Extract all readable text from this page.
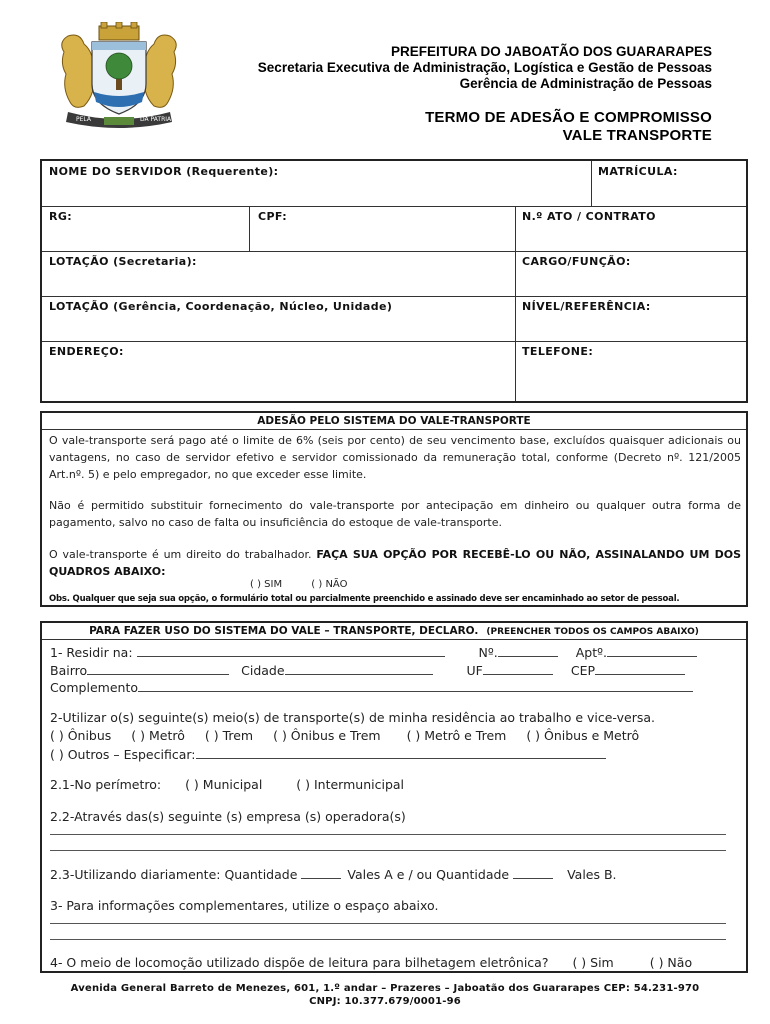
PELA	DA PATRIA
PREFEITURA DO JABOATÃO DOS GUARARAPES
Secretaria Executiva de Administração, Logística e Gestão de Pessoas
Gerência de Administração de Pessoas
TERMO DE ADESÃO E COMPROMISSO
VALE TRANSPORTE
NOME DO SERVIDOR (Requerente):	MATRÍCULA:
RG:	CPF:	N.º ATO / CONTRATO
LOTAÇÃO (Secretaria):	CARGO/FUNÇÃO:
LOTAÇÃO (Gerência, Coordenação, Núcleo, Unidade)	NÍVEL/REFERÊNCIA:
ENDEREÇO:	TELEFONE:
ADESÃO PELO SISTEMA DO VALE-TRANSPORTE
O vale-transporte será pago até o limite de 6% (seis por cento) de seu vencimento base, excluídos quaisquer adicionais ou vantagens, no caso de servidor efetivo e servidor comissionado da remuneração total, conforme (Decreto nº. 121/2005 Art.nº. 5) e pelo empregador, no que exceder esse limite.
Não é permitido substituir fornecimento do vale-transporte por antecipação em dinheiro ou qualquer outra forma de pagamento, salvo no caso de falta ou insuficiência do estoque de vale-transporte.
O vale-transporte é um direito do trabalhador. FAÇA SUA OPÇÃO POR RECEBÊ-LO OU NÃO, ASSINALANDO UM DOS QUADROS ABAIXO:
( ) SIM	( ) NÃO
Obs. Qualquer que seja sua opção, o formulário total ou parcialmente preenchido e assinado deve ser encaminhado ao setor de pessoal.
PARA FAZER USO DO SISTEMA DO VALE – TRANSPORTE, DECLARO. (PREENCHER TODOS OS CAMPOS ABAIXO)
1- Residir na:	Nº.	Aptº.
Bairro	Cidade	UF	CEP
Complemento
2-Utilizar o(s) seguinte(s) meio(s) de transporte(s) de minha residência ao trabalho e vice-versa.
( ) Ônibus ( ) Metrô ( ) Trem ( ) Ônibus e Trem ( ) Metrô e Trem ( ) Ônibus e Metrô
( ) Outros – Especificar:
2.1-No perímetro: ( ) Municipal	( ) Intermunicipal
2.2-Através das(s) seguinte (s) empresa (s) operadora(s)
2.3-Utilizando diariamente: Quantidade	Vales A e / ou Quantidade	Vales B.
3- Para informações complementares, utilize o espaço abaixo.
4- O meio de locomoção utilizado dispõe de leitura para bilhetagem eletrônica? ( ) Sim	( ) Não
Avenida General Barreto de Menezes, 601, 1.º andar – Prazeres – Jaboatão dos Guararapes CEP: 54.231-970
CNPJ: 10.377.679/0001-96
